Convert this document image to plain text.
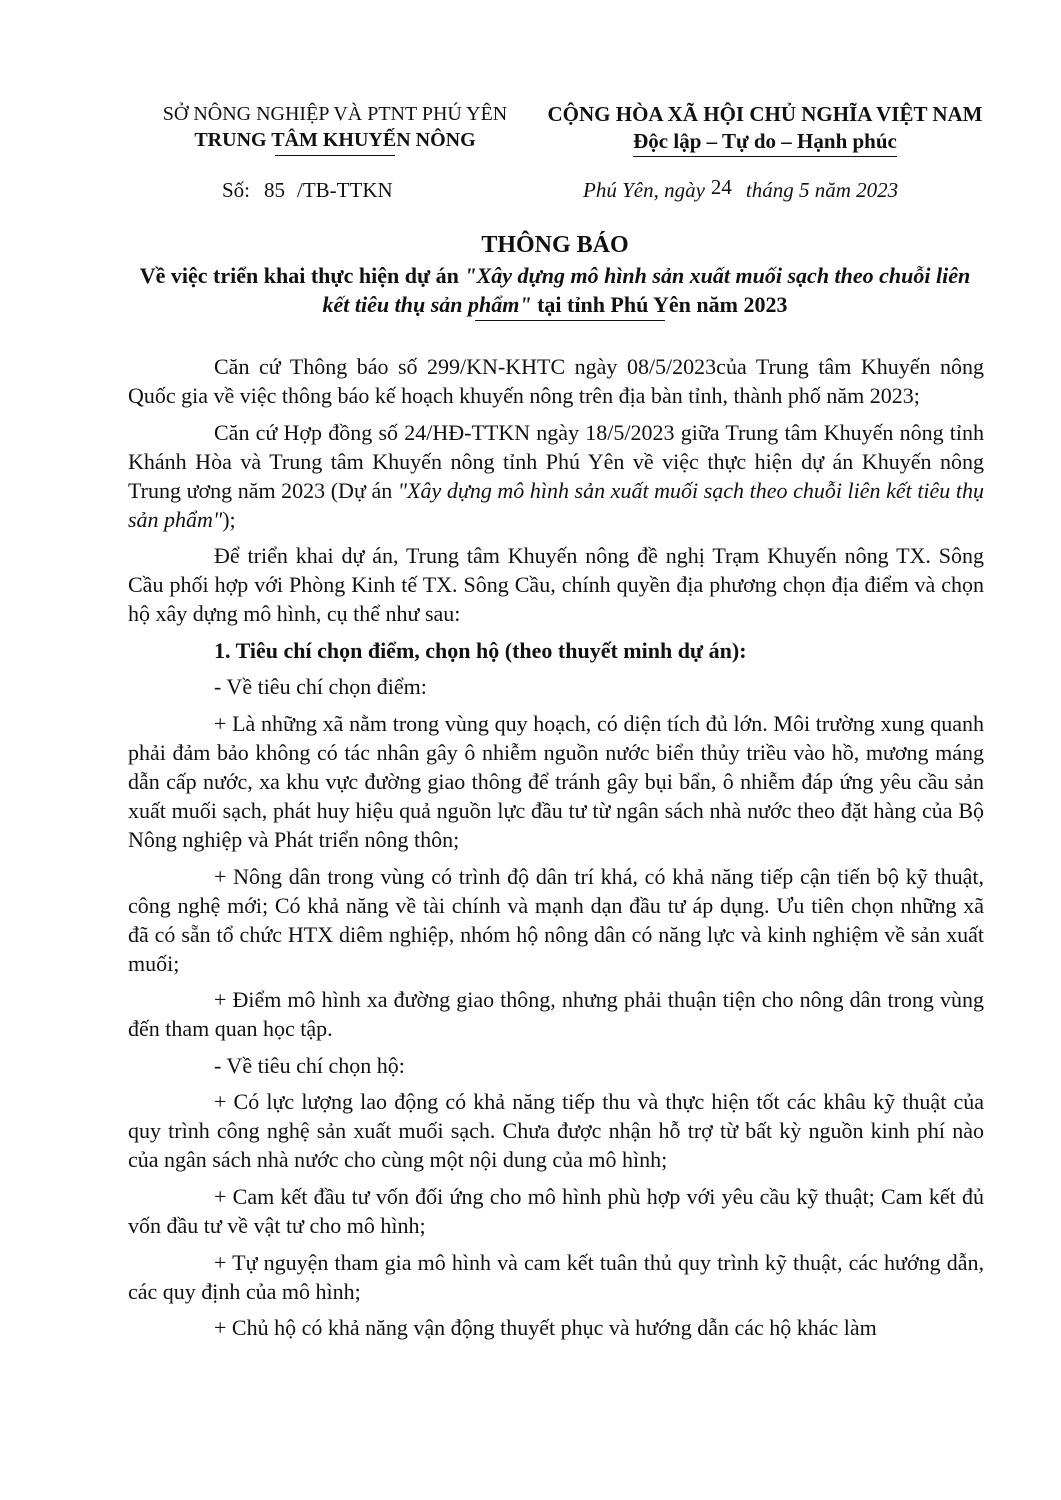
SỞ NÔNG NGHIỆP VÀ PTNT PHÚ YÊN
TRUNG TÂM KHUYẾN NÔNG
CỘNG HÒA XÃ HỘI CHỦ NGHĨA VIỆT NAM
Độc lập – Tự do – Hạnh phúc
Số: 85 /TB-TTKN	Phú Yên, ngày 24 tháng 5 năm 2023
THÔNG BÁO
Về việc triển khai thực hiện dự án "Xây dựng mô hình sản xuất muối sạch theo chuỗi liên kết tiêu thụ sản phẩm" tại tỉnh Phú Yên năm 2023

Căn cứ Thông báo số 299/KN-KHTC ngày 08/5/2023của Trung tâm Khuyến nông Quốc gia về việc thông báo kế hoạch khuyến nông trên địa bàn tỉnh, thành phố năm 2023;

Căn cứ Hợp đồng số 24/HĐ-TTKN ngày 18/5/2023 giữa Trung tâm Khuyến nông tỉnh Khánh Hòa và Trung tâm Khuyến nông tỉnh Phú Yên về việc thực hiện dự án Khuyến nông Trung ương năm 2023 (Dự án "Xây dựng mô hình sản xuất muối sạch theo chuỗi liên kết tiêu thụ sản phẩm");

Để triển khai dự án, Trung tâm Khuyến nông đề nghị Trạm Khuyến nông TX. Sông Cầu phối hợp với Phòng Kinh tế TX. Sông Cầu, chính quyền địa phương chọn địa điểm và chọn hộ xây dựng mô hình, cụ thể như sau:

1. Tiêu chí chọn điểm, chọn hộ (theo thuyết minh dự án):

- Về tiêu chí chọn điểm:

+ Là những xã nằm trong vùng quy hoạch, có diện tích đủ lớn. Môi trường xung quanh phải đảm bảo không có tác nhân gây ô nhiễm nguồn nước biển thủy triều vào hồ, mương máng dẫn cấp nước, xa khu vực đường giao thông để tránh gây bụi bẩn, ô nhiễm đáp ứng yêu cầu sản xuất muối sạch, phát huy hiệu quả nguồn lực đầu tư từ ngân sách nhà nước theo đặt hàng của Bộ Nông nghiệp và Phát triển nông thôn;

+ Nông dân trong vùng có trình độ dân trí khá, có khả năng tiếp cận tiến bộ kỹ thuật, công nghệ mới; Có khả năng về tài chính và mạnh dạn đầu tư áp dụng. Ưu tiên chọn những xã đã có sẵn tổ chức HTX diêm nghiệp, nhóm hộ nông dân có năng lực và kinh nghiệm về sản xuất muối;

+ Điểm mô hình xa đường giao thông, nhưng phải thuận tiện cho nông dân trong vùng đến tham quan học tập.

- Về tiêu chí chọn hộ:

+ Có lực lượng lao động có khả năng tiếp thu và thực hiện tốt các khâu kỹ thuật của quy trình công nghệ sản xuất muối sạch. Chưa được nhận hỗ trợ từ bất kỳ nguồn kinh phí nào của ngân sách nhà nước cho cùng một nội dung của mô hình;

+ Cam kết đầu tư vốn đối ứng cho mô hình phù hợp với yêu cầu kỹ thuật; Cam kết đủ vốn đầu tư về vật tư cho mô hình;

+ Tự nguyện tham gia mô hình và cam kết tuân thủ quy trình kỹ thuật, các hướng dẫn, các quy định của mô hình;

+ Chủ hộ có khả năng vận động thuyết phục và hướng dẫn các hộ khác làm
